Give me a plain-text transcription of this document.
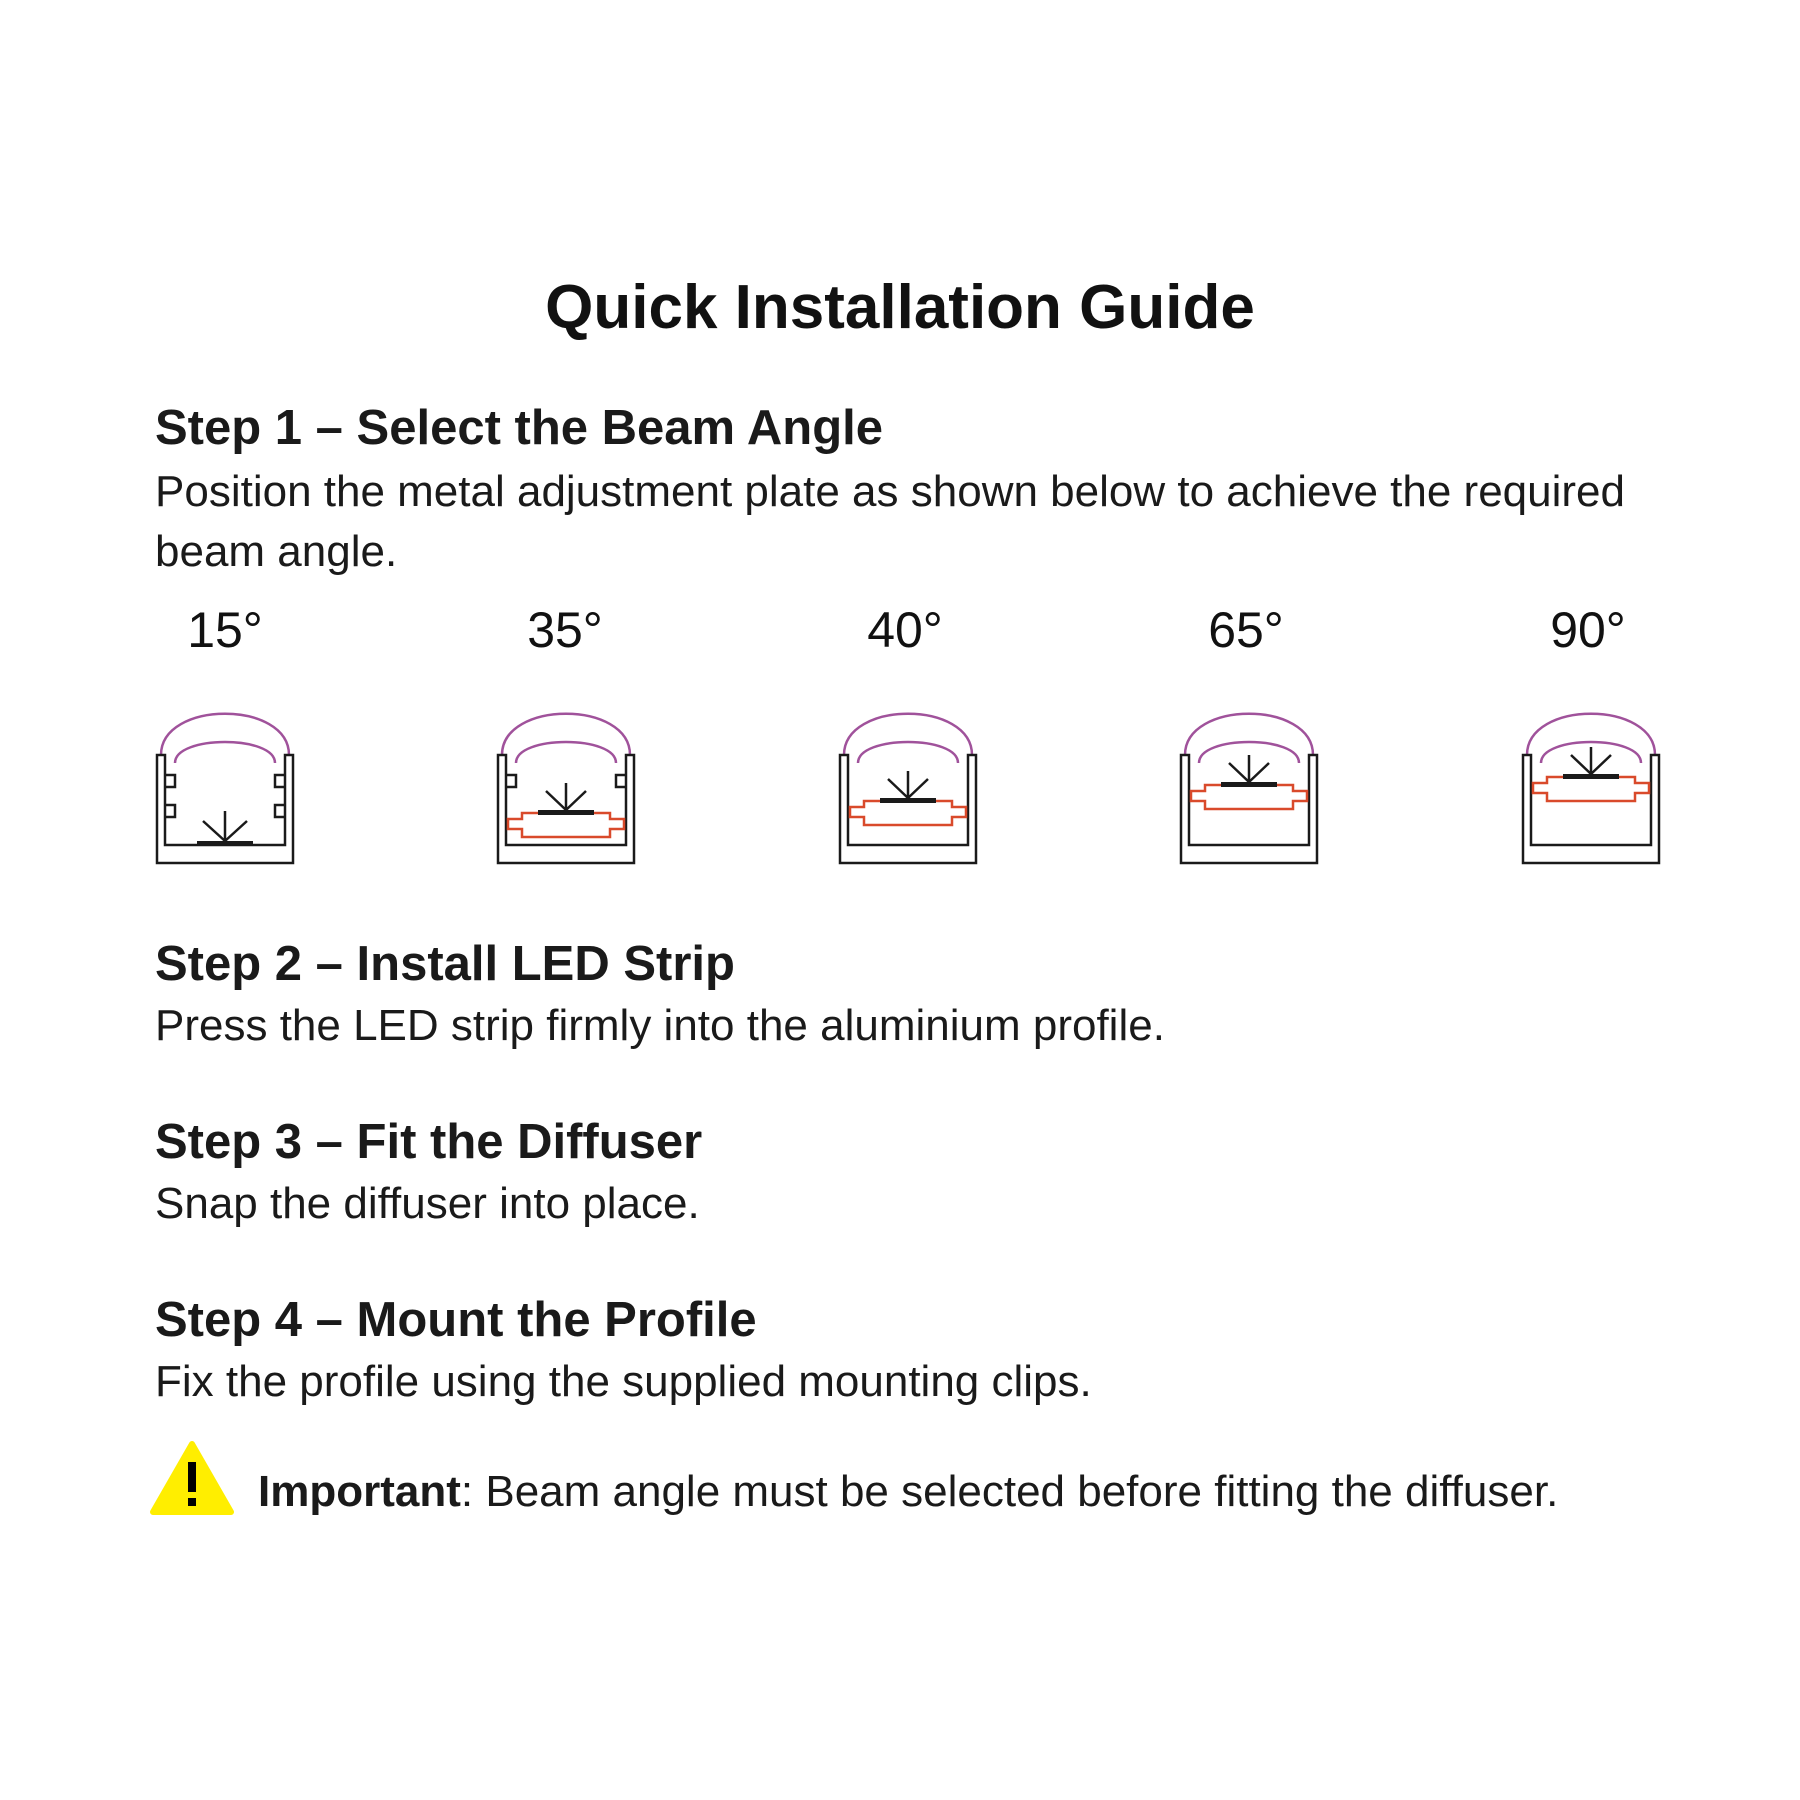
Quick Installation Guide
Step 1 – Select the Beam Angle
Position the metal adjustment plate as shown below to achieve the required beam angle.
15°	35°	40°	65°	90°
Step 2 – Install LED Strip
Press the LED strip firmly into the aluminium profile.
Step 3 – Fit the Diffuser
Snap the diffuser into place.
Step 4 – Mount the Profile
Fix the profile using the supplied mounting clips.
Important: Beam angle must be selected before fitting the diffuser.
